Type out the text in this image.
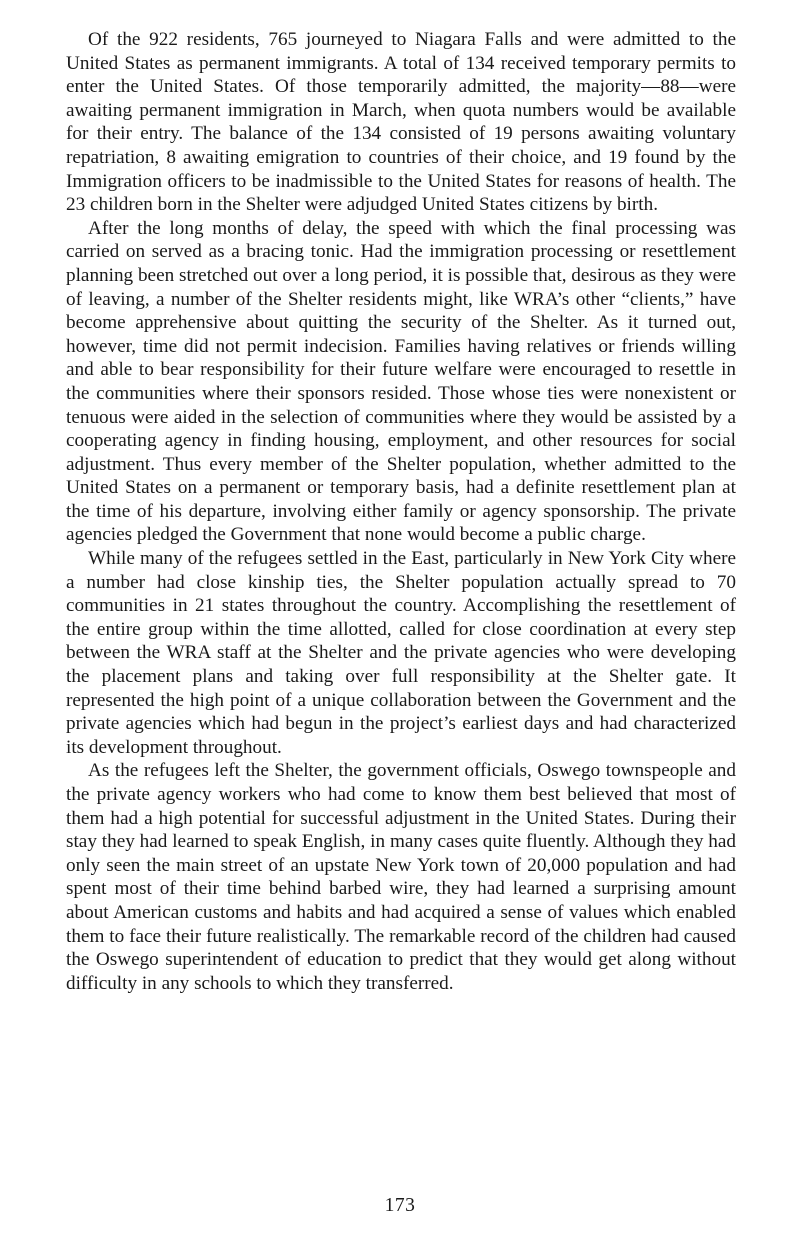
Of the 922 residents, 765 journeyed to Niagara Falls and were admitted to the United States as permanent immigrants. A total of 134 received temporary permits to enter the United States. Of those temporarily admitted, the majority—88—were awaiting permanent immigration in March, when quota numbers would be available for their entry. The balance of the 134 consisted of 19 persons awaiting voluntary repatriation, 8 awaiting emigration to countries of their choice, and 19 found by the Immigration officers to be inadmissible to the United States for reasons of health. The 23 children born in the Shelter were adjudged United States citizens by birth.

After the long months of delay, the speed with which the final processing was carried on served as a bracing tonic. Had the immigration processing or resettlement planning been stretched out over a long period, it is possible that, desirous as they were of leaving, a number of the Shelter residents might, like WRA’s other “clients,” have become apprehensive about quitting the security of the Shelter. As it turned out, however, time did not permit indecision. Families having relatives or friends willing and able to bear responsibility for their future welfare were encouraged to resettle in the communities where their sponsors resided. Those whose ties were nonexistent or tenuous were aided in the selection of communities where they would be assisted by a cooperating agency in finding housing, employment, and other resources for social adjustment. Thus every member of the Shelter population, whether admitted to the United States on a permanent or temporary basis, had a definite resettlement plan at the time of his departure, involving either family or agency sponsorship. The private agencies pledged the Government that none would become a public charge.

While many of the refugees settled in the East, particularly in New York City where a number had close kinship ties, the Shelter population actually spread to 70 communities in 21 states throughout the country. Accomplishing the resettlement of the entire group within the time allotted, called for close coordination at every step between the WRA staff at the Shelter and the private agencies who were developing the placement plans and taking over full responsibility at the Shelter gate. It represented the high point of a unique collaboration between the Government and the private agencies which had begun in the project’s earliest days and had characterized its development throughout.

As the refugees left the Shelter, the government officials, Oswego townspeople and the private agency workers who had come to know them best believed that most of them had a high potential for successful adjustment in the United States. During their stay they had learned to speak English, in many cases quite fluently. Although they had only seen the main street of an upstate New York town of 20,000 population and had spent most of their time behind barbed wire, they had learned a surprising amount about American customs and habits and had acquired a sense of values which enabled them to face their future realistically. The remarkable record of the children had caused the Oswego superintendent of education to predict that they would get along without difficulty in any schools to which they transferred.

173
